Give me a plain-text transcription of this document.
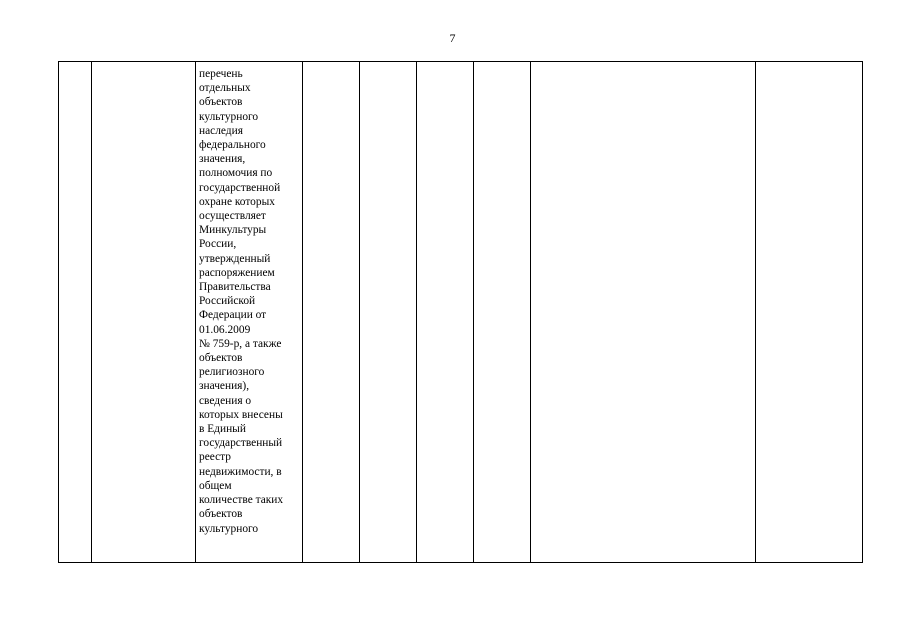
7

перечень
отдельных
объектов
культурного
наследия
федерального
значения,
полномочия по
государственной
охране которых
осуществляет
Минкультуры
России,
утвержденный
распоряжением
Правительства
Российской
Федерации от
01.06.2009
№ 759-р, а также
объектов
религиозного
значения),
сведения о
которых внесены
в Единый
государственный
реестр
недвижимости, в
общем
количестве таких
объектов
культурного
